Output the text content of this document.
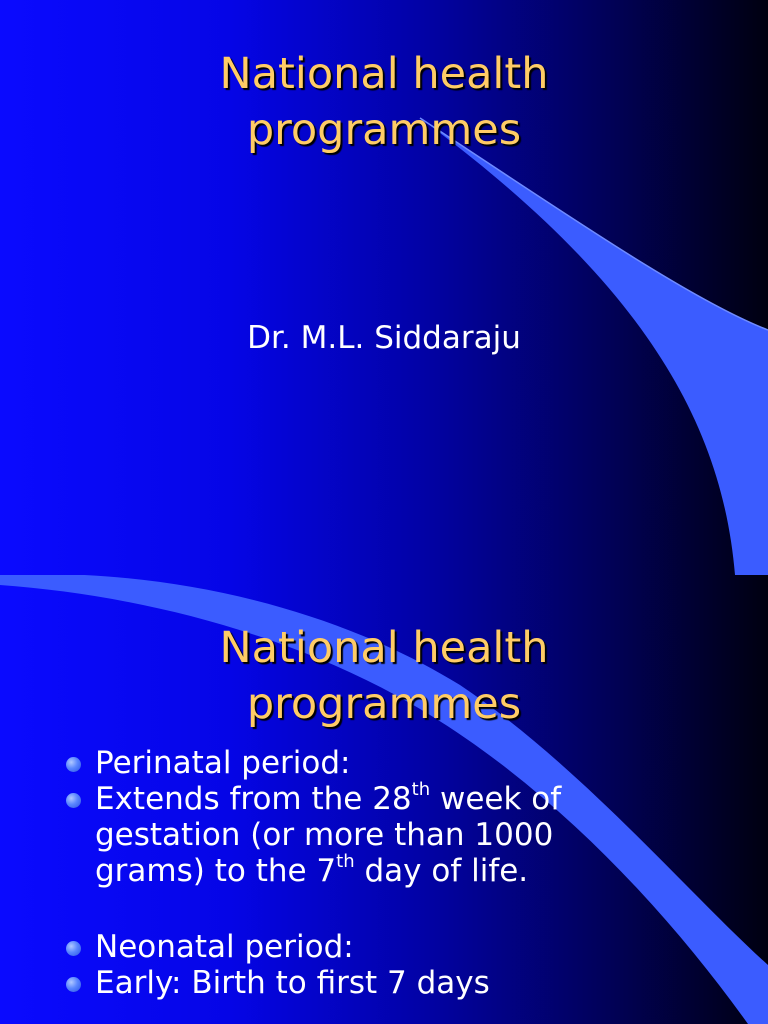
National health
programmes
Dr. M.L. Siddaraju
National health
programmes
Perinatal period:
Extends from the 28th week of
gestation (or more than 1000
grams) to the 7th day of life.
Neonatal period:
Early: Birth to first 7 days
